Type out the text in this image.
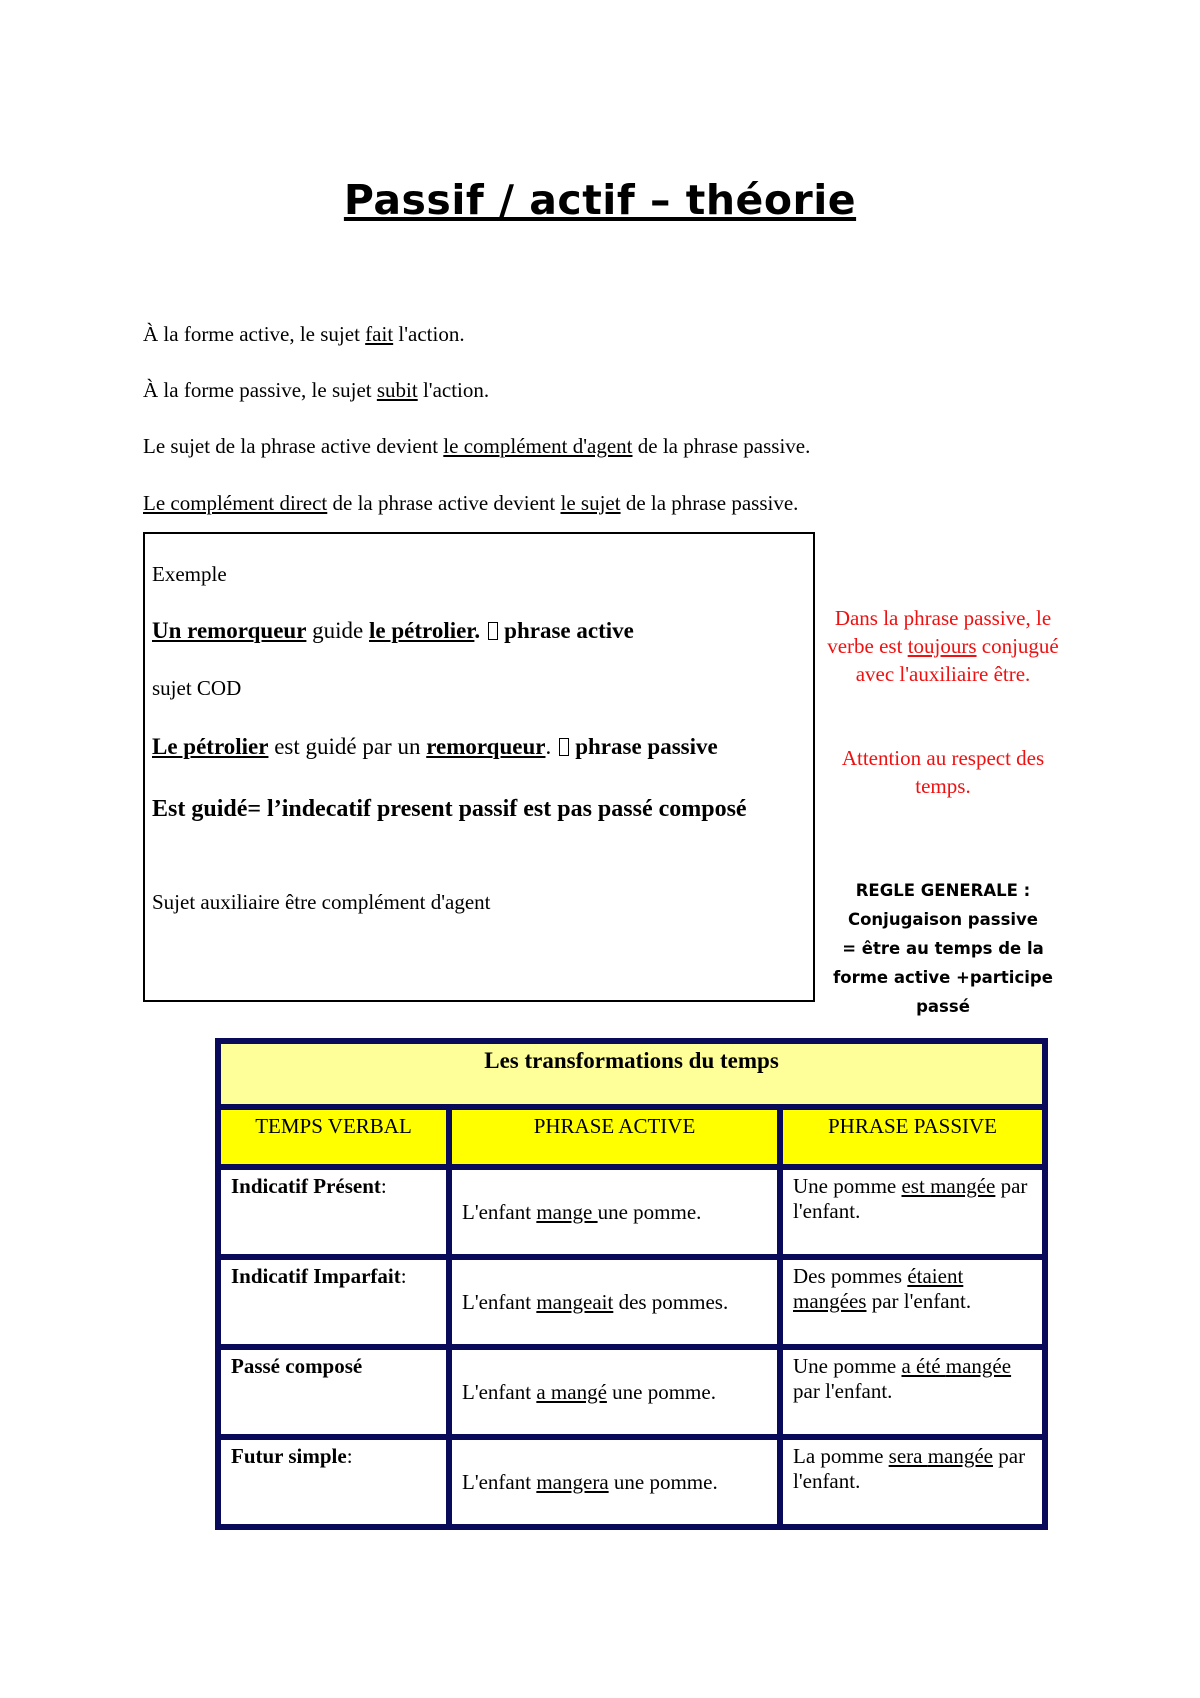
Passif / actif – théorie
À la forme active, le sujet fait l'action.
À la forme passive, le sujet subit l'action.
Le sujet de la phrase active devient le complément d'agent de la phrase passive.
Le complément direct de la phrase active devient le sujet de la phrase passive.
Exemple
Un remorqueur guide le pétrolier. phrase active
sujet COD
Le pétrolier est guidé par un remorqueur. phrase passive
Est guidé= l’indecatif present passif est pas passé composé
Sujet auxiliaire être complément d'agent
Dans la phrase passive, le verbe est toujours conjugué avec l'auxiliaire être.
Attention au respect des temps.
REGLE GENERALE :
Conjugaison passive
= être au temps de la forme active +participe passé
Les transformations du temps		
TEMPS VERBAL	PHRASE ACTIVE	PHRASE PASSIVE
Indicatif Présent:	L'enfant mange une pomme.	Une pomme est mangée par l'enfant.
Indicatif Imparfait:	L'enfant mangeait des pommes.	Des pommes étaient mangées par l'enfant.
Passé composé	L'enfant a mangé une pomme.	Une pomme a été mangée par l'enfant.
Futur simple:	L'enfant mangera une pomme.	La pomme sera mangée par l'enfant.
